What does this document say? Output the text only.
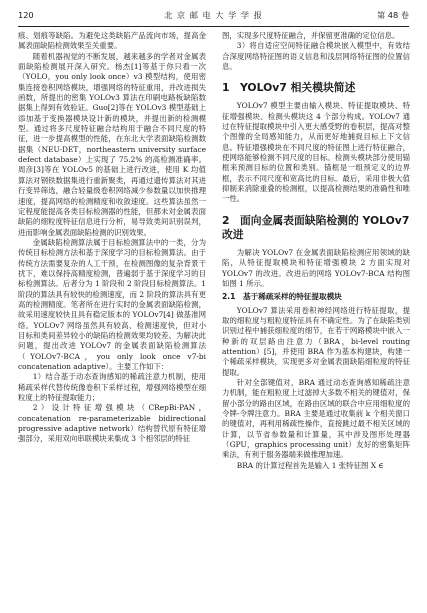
120	北 京 邮 电 大 学 学 报	第 48 卷

痕、划痕等缺陷。为避免这类缺陷产品流向市场，提高金属表面缺陷检测效果至关重要。

随着机器视觉的不断发展，越来越多的学者对金属表面缺陷检测展开深入研究。杨杰[1]等基于你只看一次（YOLO，you only look once）v3 模型结构，使用密集连接卷积网络模块，增强网络的特征重用，并改进损失函数，所提出的密集 YOLOv3 算法在印刷电路板缺陷数据集上得到有效验证。Guo[2]等在 YOLOv3 模型基础上添加基于变换器模块设计新的模块，并提出新的检测模型。通过将多尺度特征融合结构用于融合不同尺度的特征，进一步提高模型的性能，在东北大学表面缺陷检测数据集（NEU-DET，northeastern university surface defect database）上实现了 75.2% 的高检测准确率。周彦[3]等在 YOLOv5 的基础上进行改进，使用 K 均值算法对钢铁数据集进行重新聚类，再通过遗传算法对其进行变异筛选，融合轻量级卷积网络减少参数量以加快推理速度，提高网络的检测精度和收敛速度。这些算法虽然一定程度能提高各类目标检测器的性能，但都未对金属表面缺陷的细粒度特征信息进行分析，易导致类间识别误判，进而影响金属表面缺陷检测的识别效果。

金属缺陷检测算法属于目标检测算法中的一类，分为传统目标检测方法和基于深度学习的目标检测算法。由于传统方法需要复杂的人工干预，在检测图像的复杂背景干扰下，难以保持高精度检测，普遍弱于基于深度学习的目标检测算法。后者分为 1 阶段和 2 阶段目标检测算法。1 阶段的算法具有较快的检测速度，而 2 阶段的算法具有更高的检测精度。笔者所在进行实时的金属表面缺陷检测，故采用速度较快且具有稳定版本的 YOLOv7[4] 做基准网络。YOLOv7 网络虽然具有较高、检测速度快，但对小目标和类间差异较小的缺陷的检测效果均较差。为解决此问题，提出改进 YOLOv7 的金属表面缺陷检测算法（YOLOv7-BCA，you only look once v7-bi concatenation adaptive）。主要工作如下：

1）结合基于动态查询感知的稀疏注意力机制，使用稀疏采样代替传统像卷积下采样过程，增强网络模型在细粒度上的特征提取能力；

2）设计特征增强模块（CRepBi-PAN，concatenation re-parameterizable bidirectional progressive adaptive network）结构替代原有特征增强部分，采用双向串联模块来集成 3 个相邻层的特征

图，实现多尺度特征融合，并保留更准确的定位信息。

3）将自适应空间特征融合模块嵌入模型中，有效结合深度网络特征图的语义信息和浅层网络特征图的位置信息。

1 YOLOv7 相关模块简述

YOLOv7 模型主要由输入模块、特征提取模块、特征增强模块、检测头模块这 4 个部分构成。YOLOv7 通过在特征提取模块中引入更大感受野的卷积层，提高对整个图像的全局感知能力，从而更好地捕捉目标上下文信息。特征增强模块在不同尺度的特征图上进行特征融合，使网络能够检测不同尺度的目标。检测头模块部分使用锚框来预测目标的位置和类别。锚框是一组预定义的边界框，表示不同尺度和宽高比的目标。最后，采用非极大值抑制来消除重叠的检测框，以提高检测结果的准确性和唯一性。

2 面向金属表面缺陷检测的 YOLOv7 改进

为解决 YOLOv7 在金属表面缺陷检测应用领域的缺陷，从特征提取模块和特征增强模块 2 方面实现对 YOLOv7 的改进。改进后的网络 YOLOv7-BCA 结构图如图 1 所示。

2.1　基于稀疏采样的特征提取模块

YOLOv7 算法采用卷积神经网络进行特征提取，提取的细粒度与粗粒度特征具有不确定性。为了在缺陷类别识别过程中捕获细粒度的细节，在若干网路模块中嵌入一种新的双层路由注意力（BRA，bi-level routing attention）[5]，并使用 BRA 作为基本构建块，构建一个稀疏采样模块，实现更多对金属表面缺陷细粒度的特征提取。

针对全部键值对，BRA 通过动态查询感知稀疏注意力机制，能在粗粒度上过滤掉大多数不相关的键值对，保留小部分的路由区域，在路由区域的联合中应用细粒度的令牌-令牌注意力。BRA 主要是通过收集前 k 个相关窗口的键值对，再利用稀疏性操作，直接跳过最不相关区域的计算，以节省参数量和计算量，其中涉及图形处理器（GPU，graphics processing unit）友好的密集矩阵乘法，有利于服务器端来做推理加速。

BRA 的计算过程首先是输入 1 张特征图 X ∈
